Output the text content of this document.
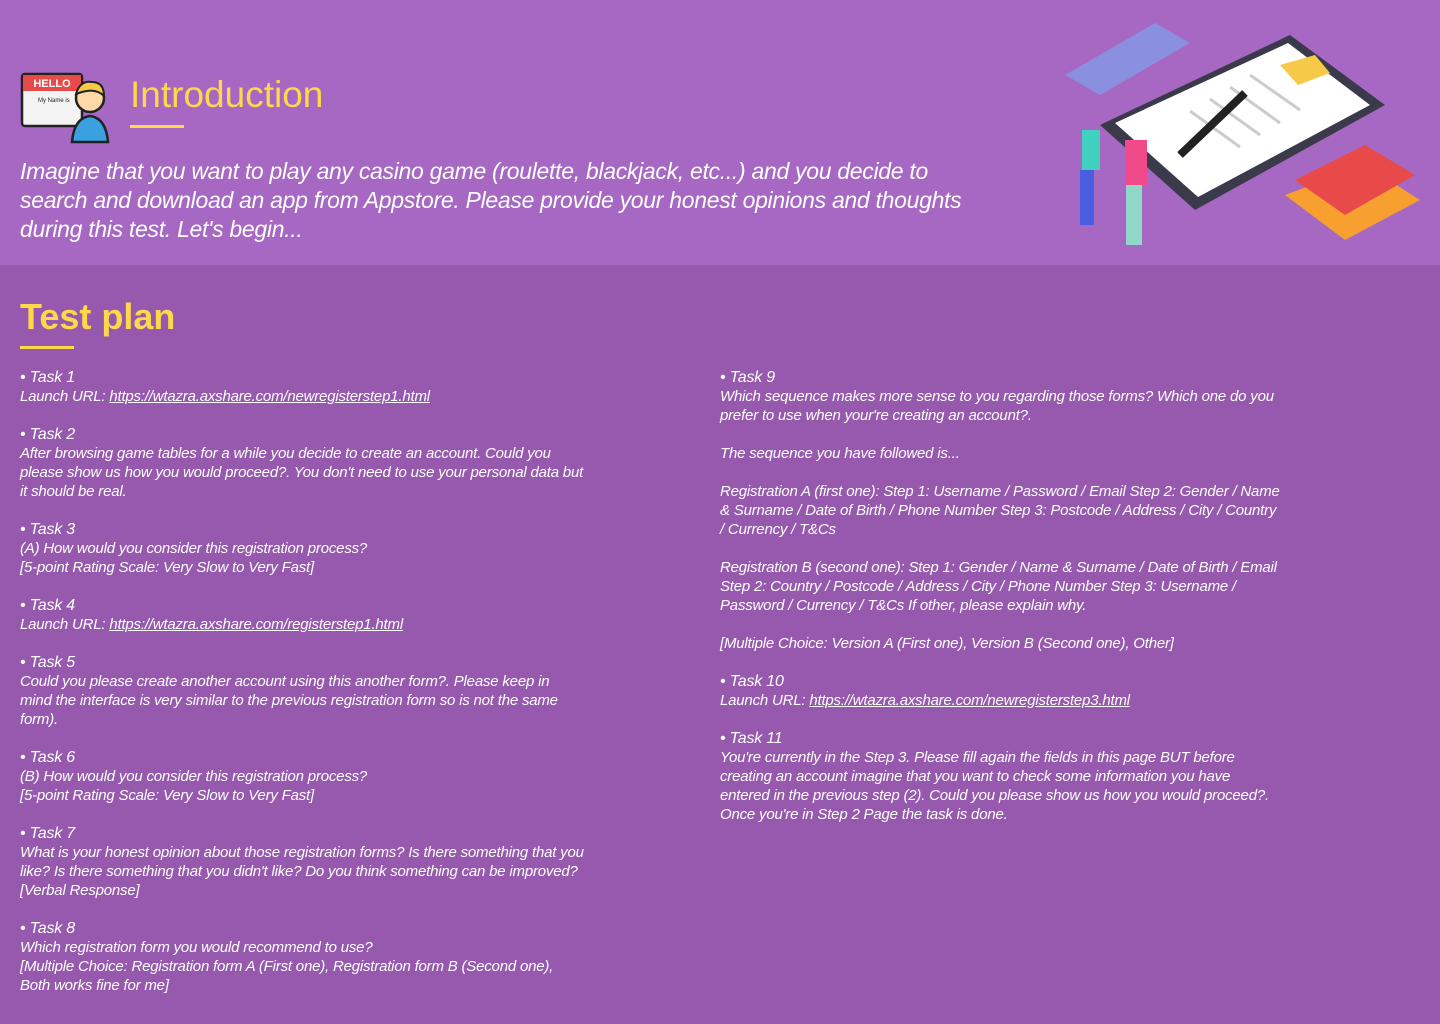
HELLO
My Name is Introduction

Imagine that you want to play any casino game (roulette, blackjack, etc...) and you decide to search and download an app from Appstore. Please provide your honest opinions and thoughts during this test. Let's begin...

Test plan
• Task 1

Launch URL: https://wtazra.axshare.com/newregisterstep1.html

• Task 2

After browsing game tables for a while you decide to create an account. Could you please show us how you would proceed?. You don't need to use your personal data but it should be real.

• Task 3
(A) How would you consider this registration process?
[5-point Rating Scale: Very Slow to Very Fast]
• Task 4

Launch URL: https://wtazra.axshare.com/registerstep1.html

• Task 5

Could you please create another account using this another form?. Please keep in mind the interface is very similar to the previous registration form so is not the same form).

• Task 6
(B) How would you consider this registration process?
[5-point Rating Scale: Very Slow to Very Fast]
• Task 7

What is your honest opinion about those registration forms? Is there something that you like? Is there something that you didn't like? Do you think something can be improved? [Verbal Response]

• Task 8
Which registration form you would recommend to use?
[Multiple Choice: Registration form A (First one), Registration form B (Second one), Both works fine for me]
• Task 9

Which sequence makes more sense to you regarding those forms? Which one do you prefer to use when your're creating an account?.

The sequence you have followed is...

Registration A (first one): Step 1: Username / Password / Email Step 2: Gender / Name & Surname / Date of Birth / Phone Number Step 3: Postcode / Address / City / Country / Currency / T&Cs

Registration B (second one): Step 1: Gender / Name & Surname / Date of Birth / Email Step 2: Country / Postcode / Address / City / Phone Number Step 3: Username / Password / Currency / T&Cs If other, please explain why.

[Multiple Choice: Version A (First one), Version B (Second one), Other]

• Task 10

Launch URL: https://wtazra.axshare.com/newregisterstep3.html

• Task 11

You're currently in the Step 3. Please fill again the fields in this page BUT before creating an account imagine that you want to check some information you have entered in the previous step (2). Could you please show us how you would proceed?. Once you're in Step 2 Page the task is done.
